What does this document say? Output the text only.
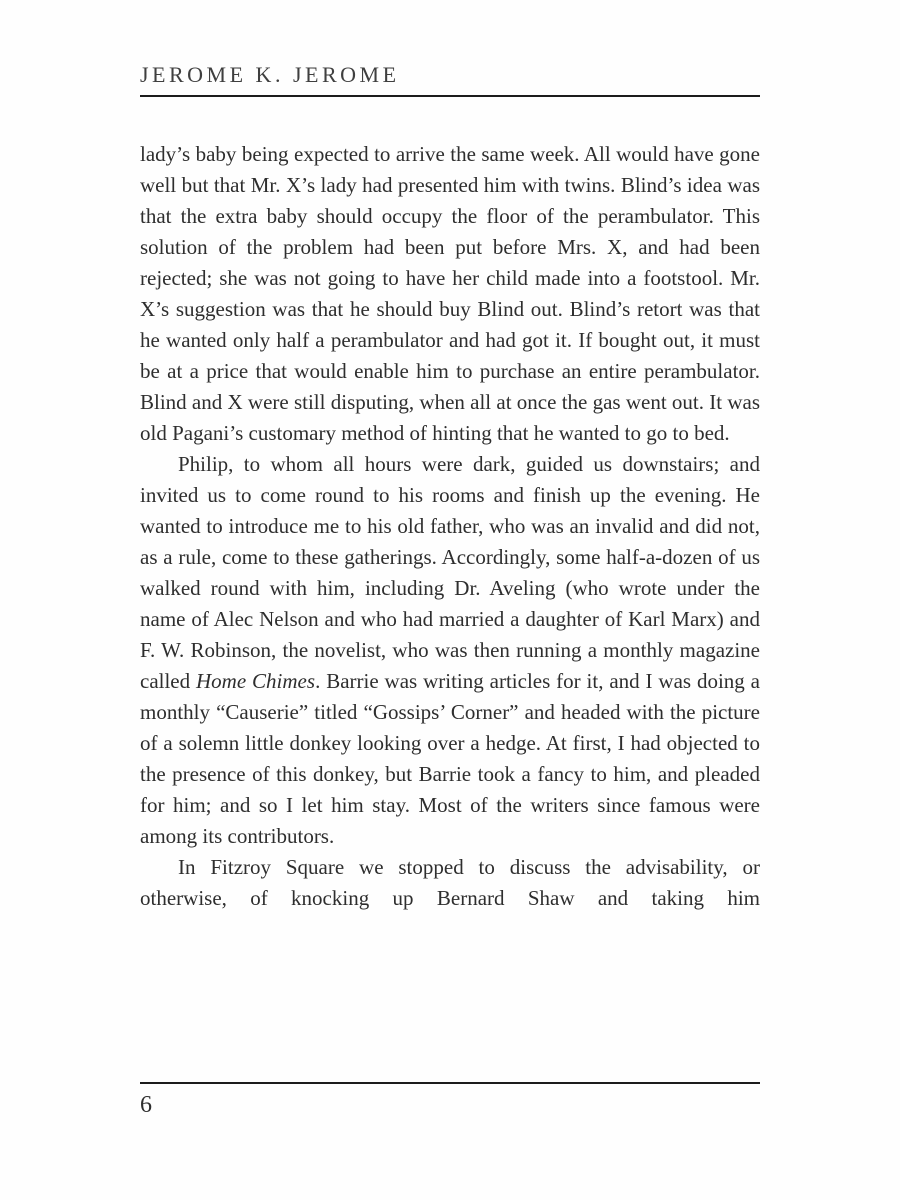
JEROME K. JEROME

lady’s baby being expected to arrive the same week. All would have gone well but that Mr. X’s lady had presented him with twins. Blind’s idea was that the extra baby should occupy the floor of the perambulator. This solution of the problem had been put before Mrs. X, and had been rejected; she was not going to have her child made into a footstool. Mr. X’s suggestion was that he should buy Blind out. Blind’s retort was that he wanted only half a perambulator and had got it. If bought out, it must be at a price that would enable him to purchase an entire perambulator. Blind and X were still disputing, when all at once the gas went out. It was old Pagani’s customary method of hinting that he wanted to go to bed.

Philip, to whom all hours were dark, guided us downstairs; and invited us to come round to his rooms and finish up the evening. He wanted to introduce me to his old father, who was an invalid and did not, as a rule, come to these gatherings. Accordingly, some half-a-dozen of us walked round with him, including Dr. Aveling (who wrote under the name of Alec Nelson and who had married a daughter of Karl Marx) and F. W. Robinson, the novelist, who was then running a monthly magazine called Home Chimes. Barrie was writing articles for it, and I was doing a monthly “Causerie” titled “Gossips’ Corner” and headed with the picture of a solemn little donkey looking over a hedge. At first, I had objected to the presence of this donkey, but Barrie took a fancy to him, and pleaded for him; and so I let him stay. Most of the writers since famous were among its contributors.

In Fitzroy Square we stopped to discuss the advisability, or otherwise, of knocking up Bernard Shaw and taking him

6
